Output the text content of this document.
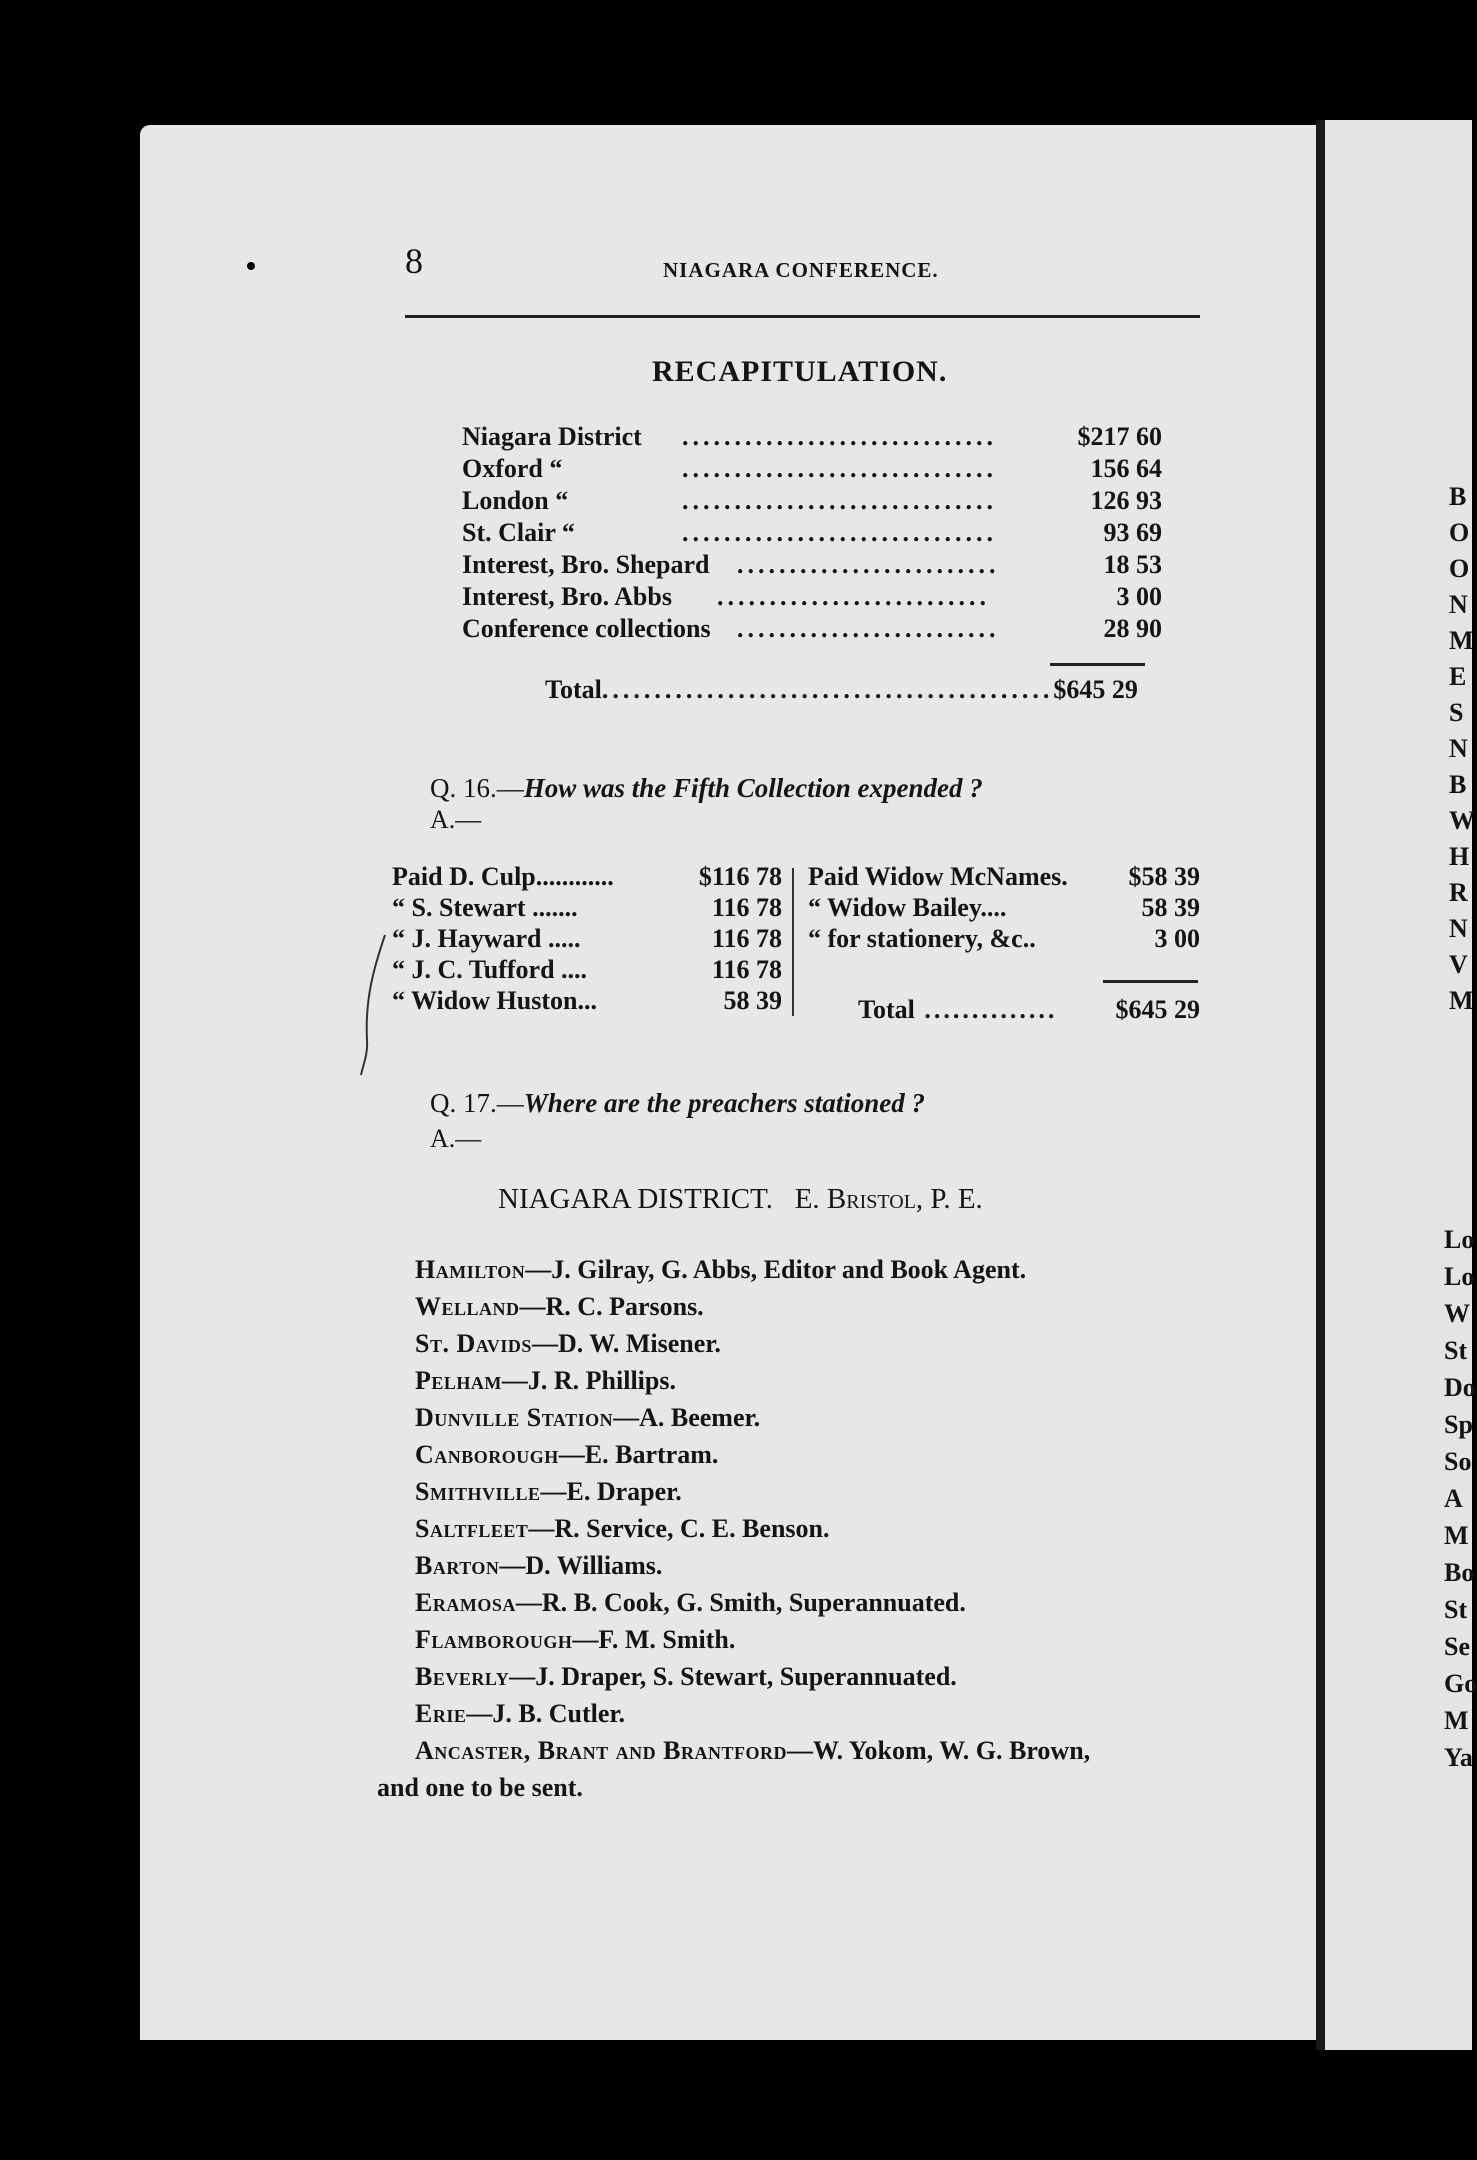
8	NIAGARA CONFERENCE.
RECAPITULATION.
Niagara District ..............................	$217 60
Oxford “	..............................	156 64
London “	..............................	126 93
St. Clair “	..............................	93 69
Interest, Bro. Shepard .........................	18 53
Interest, Bro. Abbs ..........................	3 00
Conference collections .........................	28 90
Total...........................................$645 29
Q. 16.—How was the Fifth Collection expended ?
A.—
Paid D. Culp............	$116 78
“ S. Stewart .......	116 78
“ J. Hayward .....	116 78
“ J. C. Tufford ....	116 78
“ Widow Huston...	58 39
Paid Widow McNames. $58 39
“ Widow Bailey....	58 39
“ for stationery, &c..	3 00
Total .............. $645 29
Q. 17.—Where are the preachers stationed ?
A.—
NIAGARA DISTRICT. E. Bristol, P. E.
Hamilton—J. Gilray, G. Abbs, Editor and Book Agent.
Welland—R. C. Parsons.
St. Davids—D. W. Misener.
Pelham—J. R. Phillips.
Dunville Station—A. Beemer.
Canborough—E. Bartram.
Smithville—E. Draper.
Saltfleet—R. Service, C. E. Benson.
Barton—D. Williams.
Eramosa—R. B. Cook, G. Smith, Superannuated.
Flamborough—F. M. Smith.
Beverly—J. Draper, S. Stewart, Superannuated.
Erie—J. B. Cutler.
Ancaster, Brant and Brantford—W. Yokom, W. G. Brown,
and one to be sent.
B
O
O
N
M
E
S
N
B
W
H
R
N
V
M
Lo
Lo
W
St
Do
Sp
So
A
M
Bo
St
Se
Go
M
Ya
